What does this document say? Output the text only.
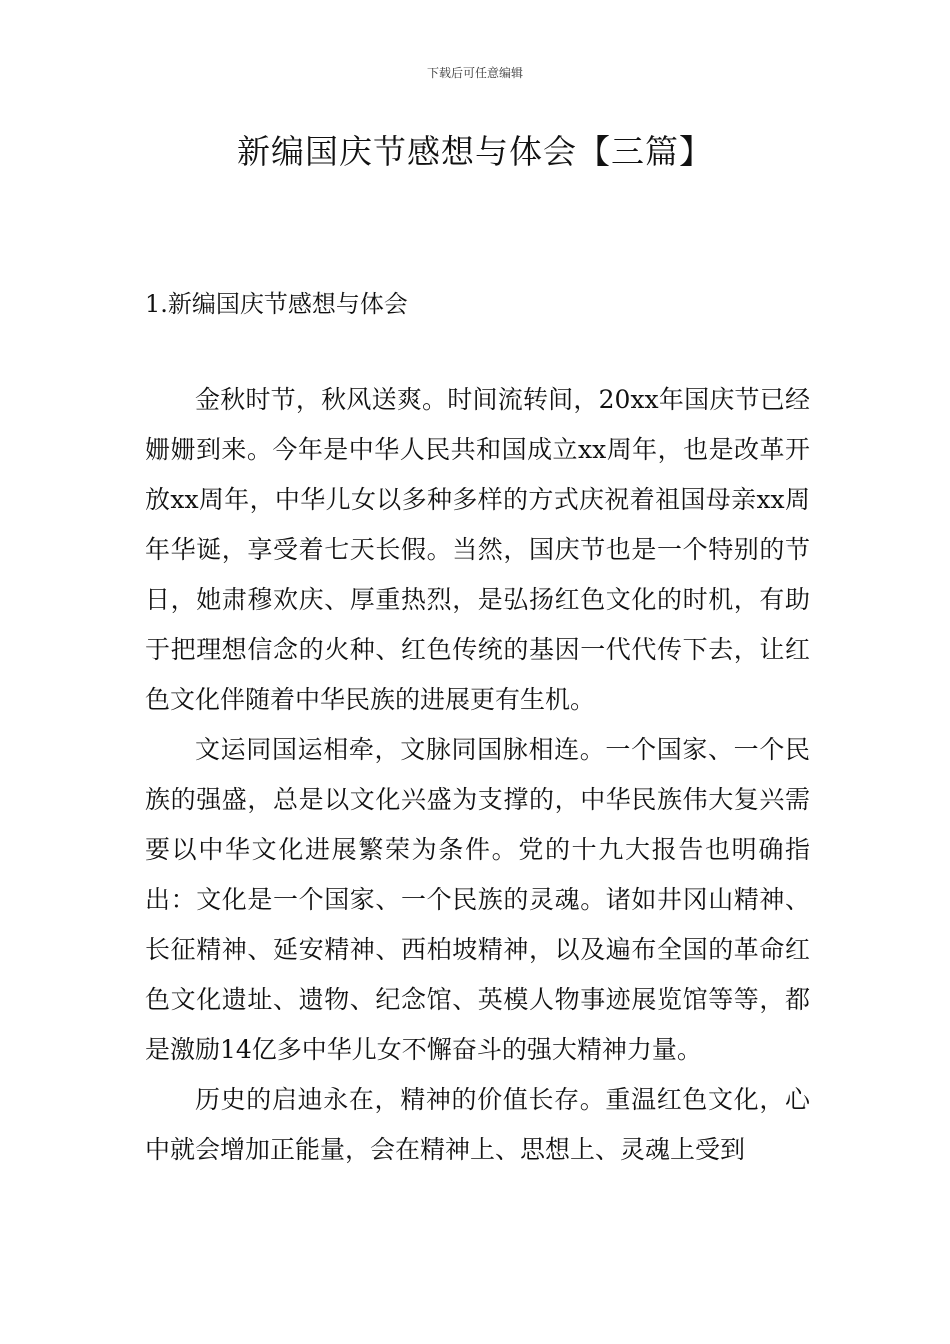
下载后可任意编辑
新编国庆节感想与体会【三篇】
1.新编国庆节感想与体会

金秋时节，秋风送爽。时间流转间，20xx年国庆节已经姗姗到来。今年是中华人民共和国成立xx周年，也是改革开放xx周年，中华儿女以多种多样的方式庆祝着祖国母亲xx周年华诞，享受着七天长假。当然，国庆节也是一个特别的节日，她肃穆欢庆、厚重热烈，是弘扬红色文化的时机，有助于把理想信念的火种、红色传统的基因一代代传下去，让红色文化伴随着中华民族的进展更有生机。

文运同国运相牵，文脉同国脉相连。一个国家、一个民族的强盛，总是以文化兴盛为支撑的，中华民族伟大复兴需要以中华文化进展繁荣为条件。党的十九大报告也明确指出：文化是一个国家、一个民族的灵魂。诸如井冈山精神、长征精神、延安精神、西柏坡精神，以及遍布全国的革命红色文化遗址、遗物、纪念馆、英模人物事迹展览馆等等，都是激励14亿多中华儿女不懈奋斗的强大精神力量。

历史的启迪永在，精神的价值长存。重温红色文化，心中就会增加正能量，会在精神上、思想上、灵魂上受到
